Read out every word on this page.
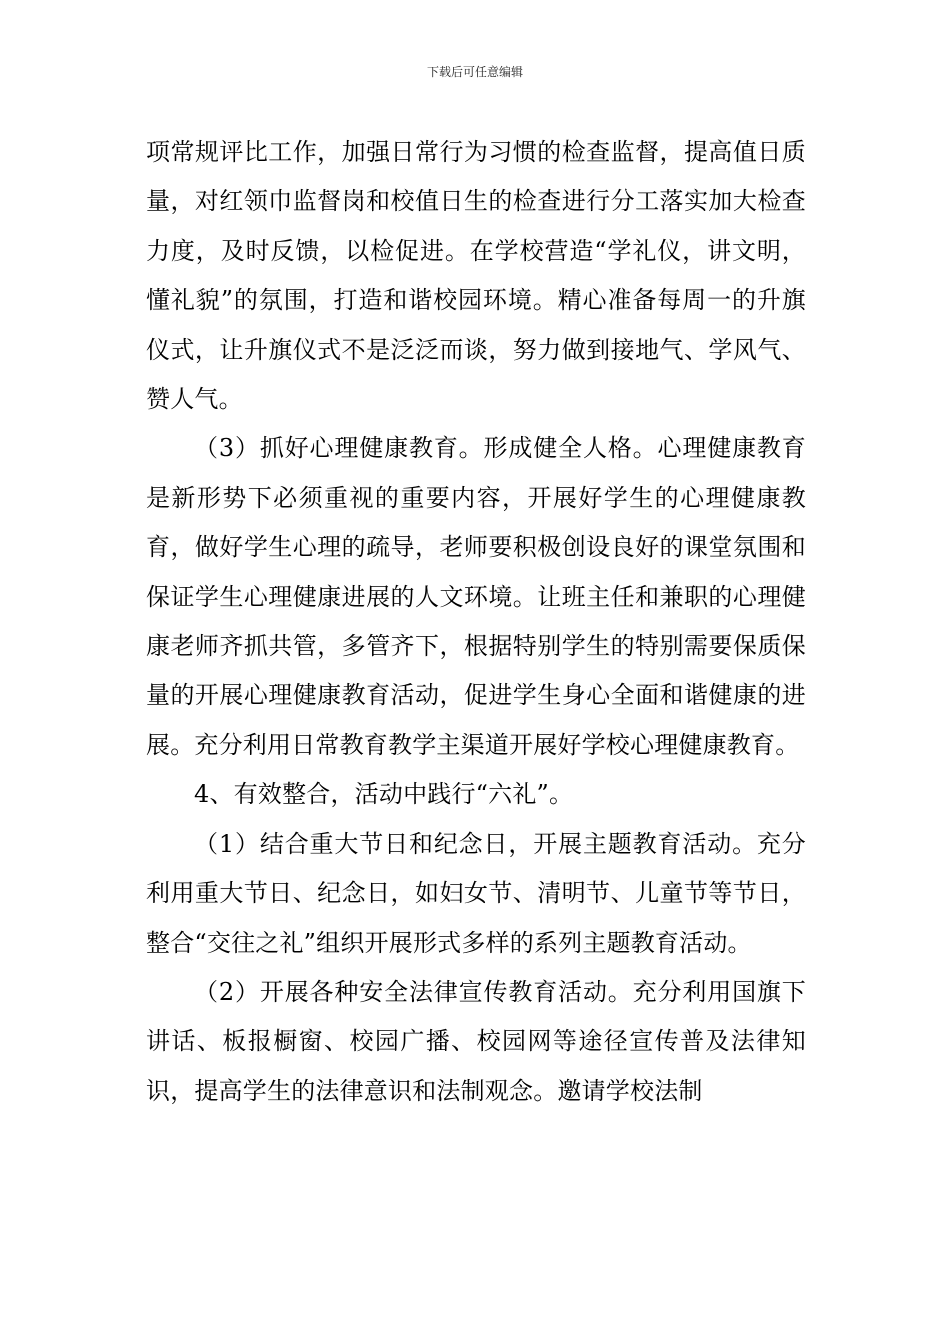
下载后可任意编辑

项常规评比工作，加强日常行为习惯的检查监督，提高值日质量，对红领巾监督岗和校值日生的检查进行分工落实加大检查力度，及时反馈，以检促进。在学校营造“学礼仪，讲文明，懂礼貌”的氛围，打造和谐校园环境。精心准备每周一的升旗仪式，让升旗仪式不是泛泛而谈，努力做到接地气、学风气、赞人气。

（3）抓好心理健康教育。形成健全人格。心理健康教育是新形势下必须重视的重要内容，开展好学生的心理健康教育，做好学生心理的疏导，老师要积极创设良好的课堂氛围和保证学生心理健康进展的人文环境。让班主任和兼职的心理健康老师齐抓共管，多管齐下，根据特别学生的特别需要保质保量的开展心理健康教育活动，促进学生身心全面和谐健康的进展。充分利用日常教育教学主渠道开展好学校心理健康教育。

4、有效整合，活动中践行“六礼”。

（1）结合重大节日和纪念日，开展主题教育活动。充分利用重大节日、纪念日，如妇女节、清明节、儿童节等节日，整合“交往之礼”组织开展形式多样的系列主题教育活动。

（2）开展各种安全法律宣传教育活动。充分利用国旗下讲话、板报橱窗、校园广播、校园网等途径宣传普及法律知识，提高学生的法律意识和法制观念。邀请学校法制
